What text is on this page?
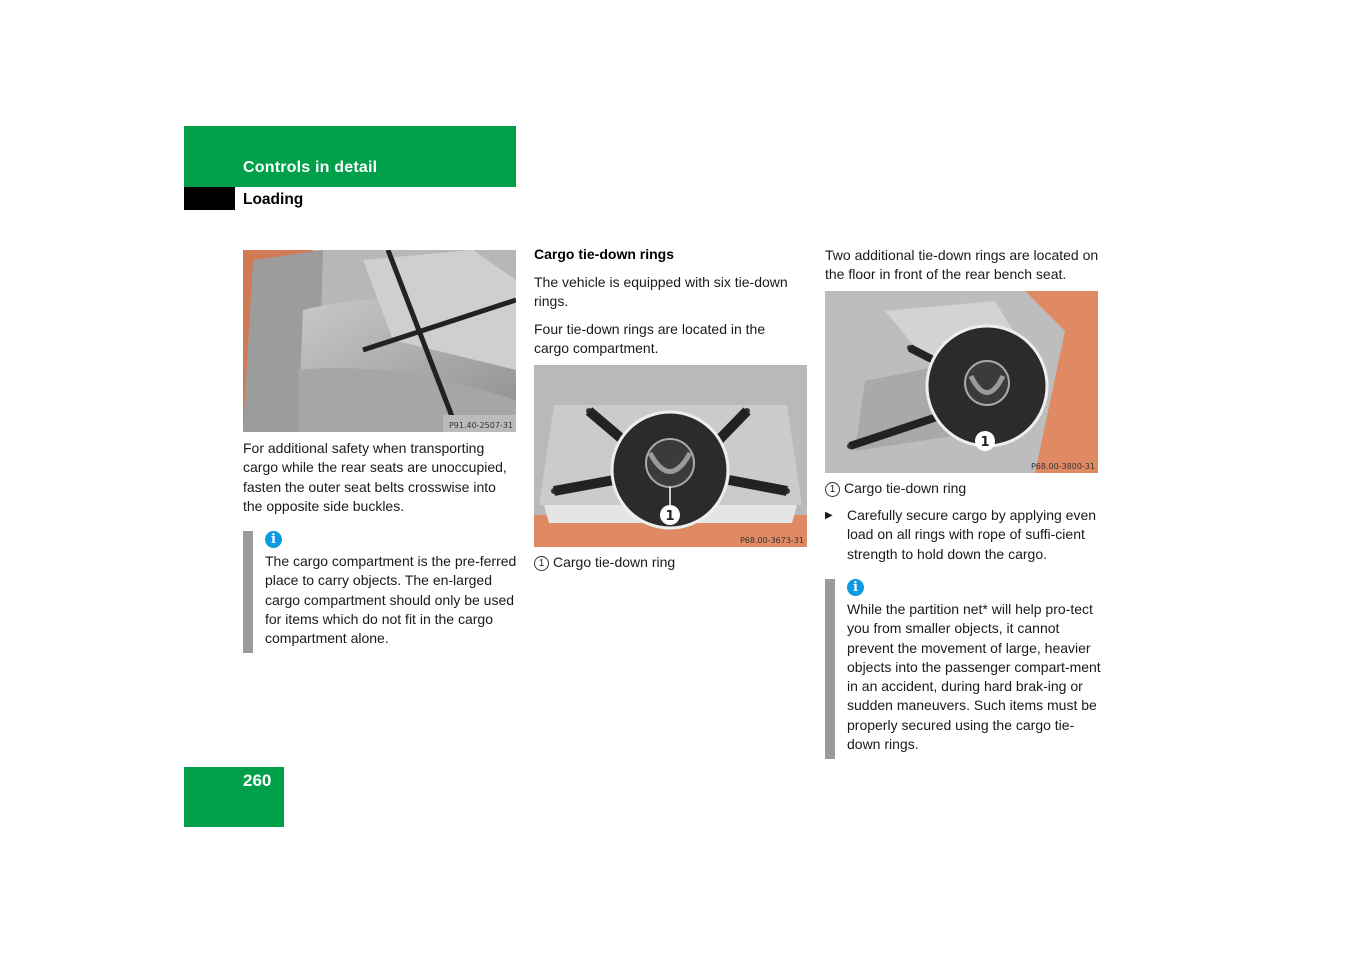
Controls in detail
Loading
P91.40-2507-31
For additional safety when transporting cargo while the rear seats are unoccupied, fasten the outer seat belts crosswise into the opposite side buckles.
i
The cargo compartment is the pre-ferred place to carry objects. The en-larged cargo compartment should only be used for items which do not fit in the cargo compartment alone.
Cargo tie-down rings
The vehicle is equipped with six tie-down rings.
Four tie-down rings are located in the cargo compartment.
1
P68.00-3673-31
1 Cargo tie-down ring
Two additional tie-down rings are located on the floor in front of the rear bench seat.
1
P68.00-3800-31
1 Cargo tie-down ring
▶	Carefully secure cargo by applying even load on all rings with rope of suffi-cient strength to hold down the cargo.
i
While the partition net* will help pro-tect you from smaller objects, it cannot prevent the movement of large, heavier objects into the passenger compart-ment in an accident, during hard brak-ing or sudden maneuvers. Such items must be properly secured using the cargo tie-down rings.
260
